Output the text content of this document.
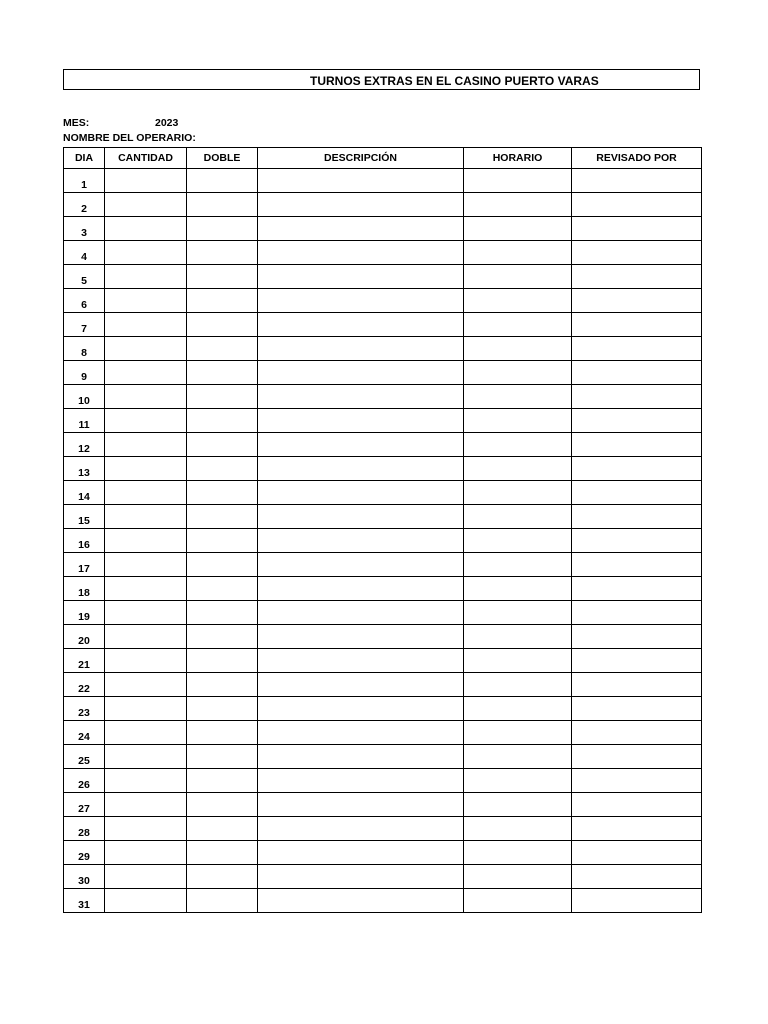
TURNOS EXTRAS EN EL CASINO PUERTO VARAS
MES:	2023
NOMBRE DEL OPERARIO:
DIA	CANTIDAD	DOBLE	DESCRIPCIÓN	HORARIO	REVISADO POR
1					
2					
3					
4					
5					
6					
7					
8					
9					
10					
11					
12					
13					
14					
15					
16					
17					
18					
19					
20					
21					
22					
23					
24					
25					
26					
27					
28					
29					
30					
31					
